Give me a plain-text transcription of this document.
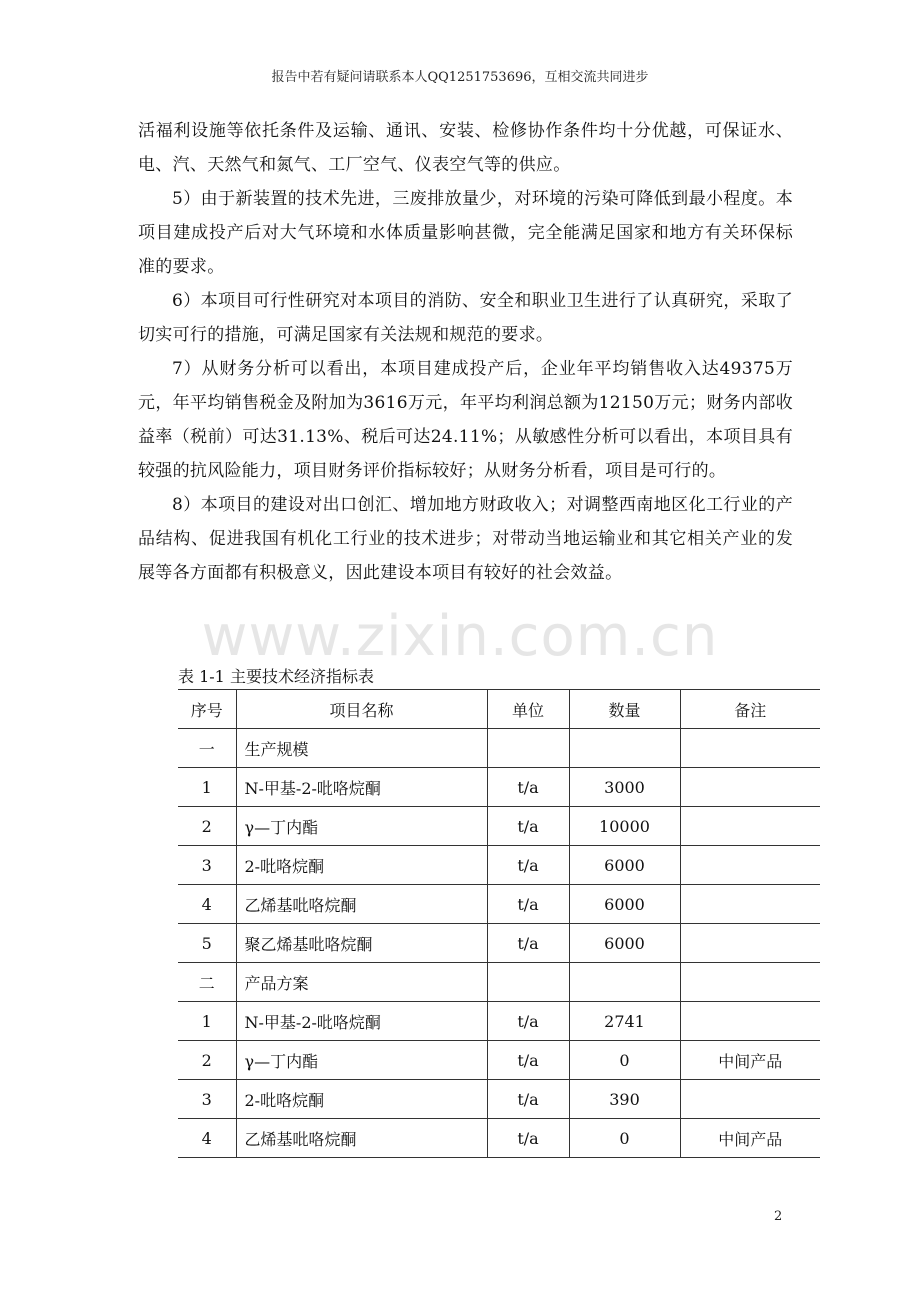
报告中若有疑问请联系本人QQ1251753696，互相交流共同进步

活福利设施等依托条件及运输、通讯、安装、检修协作条件均十分优越，可保证水、电、汽、天然气和氮气、工厂空气、仪表空气等的供应。

5）由于新装置的技术先进，三废排放量少，对环境的污染可降低到最小程度。本项目建成投产后对大气环境和水体质量影响甚微，完全能满足国家和地方有关环保标准的要求。

6）本项目可行性研究对本项目的消防、安全和职业卫生进行了认真研究，采取了切实可行的措施，可满足国家有关法规和规范的要求。

7）从财务分析可以看出，本项目建成投产后，企业年平均销售收入达49375万元，年平均销售税金及附加为3616万元，年平均利润总额为12150万元；财务内部收益率（税前）可达31.13%、税后可达24.11%；从敏感性分析可以看出，本项目具有较强的抗风险能力，项目财务评价指标较好；从财务分析看，项目是可行的。

8）本项目的建设对出口创汇、增加地方财政收入；对调整西南地区化工行业的产品结构、促进我国有机化工行业的技术进步；对带动当地运输业和其它相关产业的发展等各方面都有积极意义，因此建设本项目有较好的社会效益。

www.zixin.com.cn
表 1-1 主要技术经济指标表
序号	项目名称	单位	数量	备注
一	生产规模			
1	N-甲基-2-吡咯烷酮	t/a	3000	
2	γ—丁内酯	t/a	10000	
3	2-吡咯烷酮	t/a	6000	
4	乙烯基吡咯烷酮	t/a	6000	
5	聚乙烯基吡咯烷酮	t/a	6000	
二	产品方案			
1	N-甲基-2-吡咯烷酮	t/a	2741	
2	γ—丁内酯	t/a	0	中间产品
3	2-吡咯烷酮	t/a	390	
4	乙烯基吡咯烷酮	t/a	0	中间产品
2
